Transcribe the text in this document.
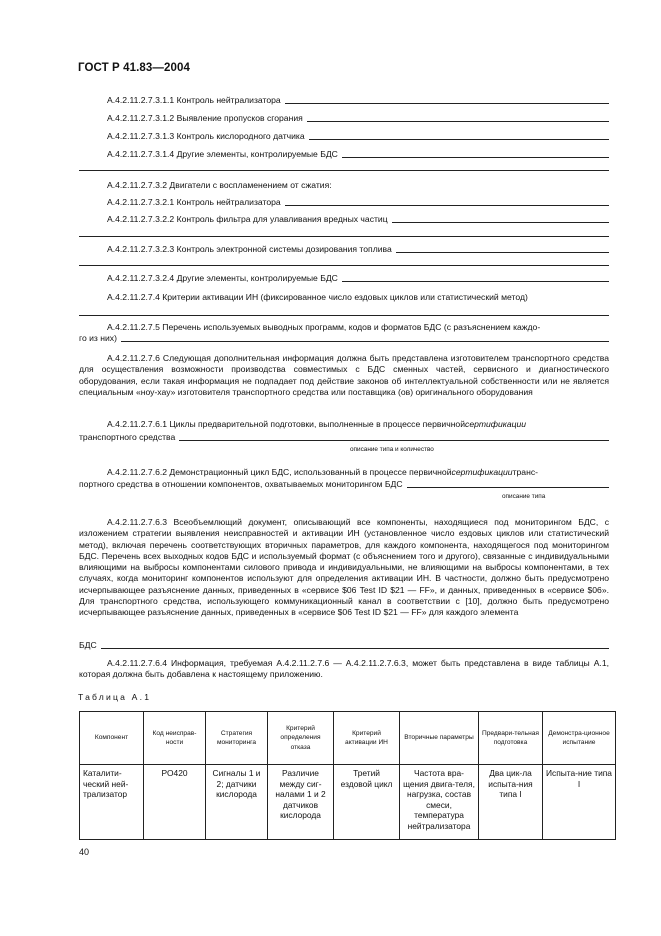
ГОСТ Р 41.83—2004
А.4.2.11.2.7.3.1.1 Контроль нейтрализатора
А.4.2.11.2.7.3.1.2 Выявление пропусков сгорания
А.4.2.11.2.7.3.1.3 Контроль кислородного датчика
А.4.2.11.2.7.3.1.4 Другие элементы, контролируемые БДС
А.4.2.11.2.7.3.2 Двигатели с воспламенением от сжатия:
А.4.2.11.2.7.3.2.1 Контроль нейтрализатора
А.4.2.11.2.7.3.2.2 Контроль фильтра для улавливания вредных частиц
А.4.2.11.2.7.3.2.3 Контроль электронной системы дозирования топлива
А.4.2.11.2.7.3.2.4 Другие элементы, контролируемые БДС
А.4.2.11.2.7.4 Критерии активации ИН (фиксированное число ездовых циклов или статистический метод)
А.4.2.11.2.7.5 Перечень используемых выводных программ, кодов и форматов БДС (с разъяснением каждо-
го из них)

А.4.2.11.2.7.6 Следующая дополнительная информация должна быть представлена изготовителем транспортного средства для осуществления возможности производства совместимых с БДС сменных частей, сервисного и диагностического оборудования, если такая информация не подпадает под действие законов об интеллектуальной собственности или не является специальным «ноу-хау» изготовителя транспортного средства или поставщика (ов) оригинального оборудования

А.4.2.11.2.7.6.1 Циклы предварительной подготовки, выполненные в процессе первичной сертификации
транспортного средства
описание типа и количество
А.4.2.11.2.7.6.2 Демонстрационный цикл БДС, использованный в процессе первичной сертификации транс-
портного средства в отношении компонентов, охватываемых мониторингом БДС
описание типа

А.4.2.11.2.7.6.3 Всеобъемлющий документ, описывающий все компоненты, находящиеся под мониторингом БДС, с изложением стратегии выявления неисправностей и активации ИН (установленное число ездовых циклов или статистический метод), включая перечень соответствующих вторичных параметров, для каждого компонента, находящегося под мониторингом БДС. Перечень всех выходных кодов БДС и используемый формат (с объяснением того и другого), связанные с индивидуальными влияющими на выбросы компонентами силового привода и индивидуальными, не влияющими на выбросы компонентами, в тех случаях, когда мониторинг компонентов используют для определения активации ИН. В частности, должно быть предусмотрено исчерпывающее разъяснение данных, приведенных в «сервисе $06 Test ID $21 — FF», и данных, приведенных в «сервисе $06». Для транспортного средства, использующего коммуникационный канал в соответствии с [10], должно быть предусмотрено исчерпывающее разъяснение данных, приведенных в «сервисе $06 Test ID $21 — FF» для каждого элемента

БДС

А.4.2.11.2.7.6.4 Информация, требуемая А.4.2.11.2.7.6 — А.4.2.11.2.7.6.3, может быть представлена в виде таблицы А.1, которая должна быть добавлена к настоящему приложению.

Таблица А.1
Компонент	Код неисправ-ности	Стратегия мониторинга	Критерий определения отказа	Критерий активации ИН	Вторичные параметры	Предвари-тельная подготовка	Демонстра-ционное испытание
Каталити-ческий ней-трализатор	PO420	Сигналы 1 и 2; датчики кислорода	Различие между сиг-налами 1 и 2 датчиков кислорода	Третий ездовой цикл	Частота вра-щения двига-теля, нагрузка, состав смеси, температура нейтрализатора	Два цик-ла испыта-ния типа I	Испыта-ние типа I
40
